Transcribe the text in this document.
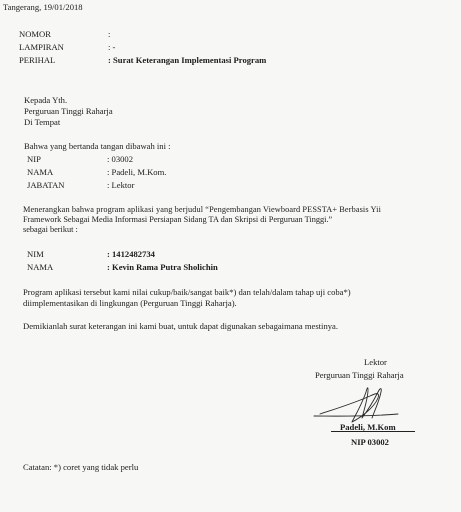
Tangerang, 19/01/2018
NOMOR	:
LAMPIRAN	: -
PERIHAL	: Surat Keterangan Implementasi Program
Kepada Yth.
Perguruan Tinggi Raharja
Di Tempat
Bahwa yang bertanda tangan dibawah ini :
NIP	: 03002
NAMA	: Padeli, M.Kom.
JABATAN	: Lektor
Menerangkan bahwa program aplikasi yang berjudul “Pengembangan Viewboard PESSTA+ Berbasis Yii
Framework Sebagai Media Informasi Persiapan Sidang TA dan Skripsi di Perguruan Tinggi.”
sebagai berikut :
NIM	: 1412482734
NAMA	: Kevin Rama Putra Sholichin
Program aplikasi tersebut kami nilai cukup/baik/sangat baik*) dan telah/dalam tahap uji coba*)
diimplementasikan di lingkungan (Perguruan Tinggi Raharja).
Demikianlah surat keterangan ini kami buat, untuk dapat digunakan sebagaimana mestinya.
Lektor
Perguruan Tinggi Raharja
Padeli, M.Kom
NIP 03002
Catatan: *) coret yang tidak perlu
